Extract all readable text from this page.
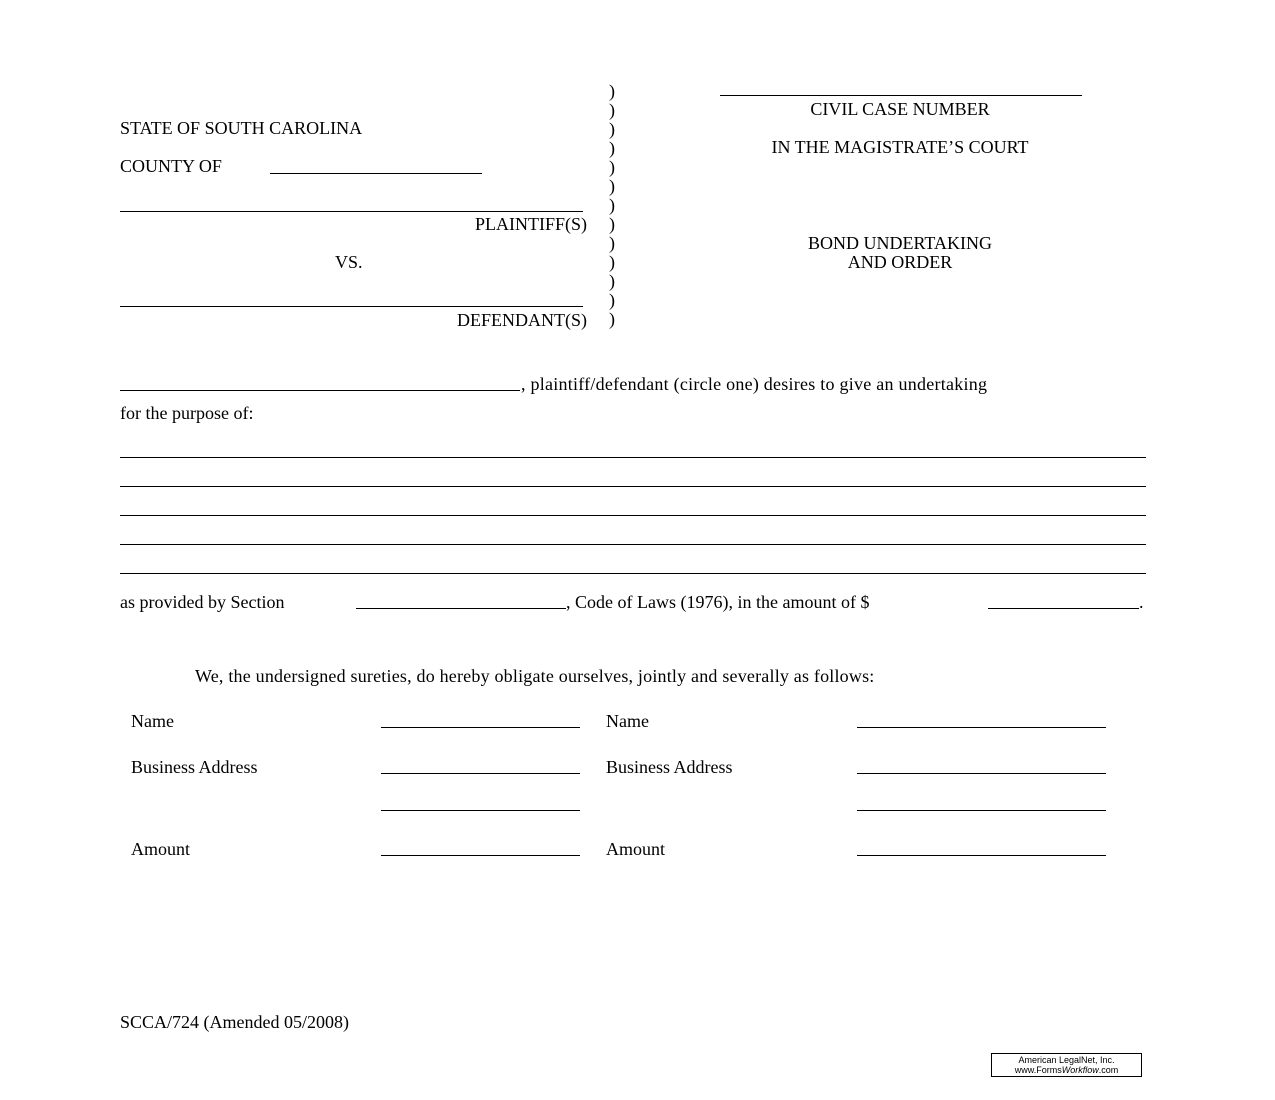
)
)
)
)
)
)
)
)
)
)
)
)
)
STATE OF SOUTH CAROLINA
COUNTY OF
PLAINTIFF(S)
VS.
DEFENDANT(S)
CIVIL CASE NUMBER
IN THE MAGISTRATE’S COURT
BOND UNDERTAKING
AND ORDER
, plaintiff/defendant (circle one) desires to give an undertaking
for the purpose of:
as provided by Section	, Code of Laws (1976), in the amount of $	.
We, the undersigned sureties, do hereby obligate ourselves, jointly and severally as follows:
Name
Business Address
Amount
Name
Business Address
Amount
SCCA/724 (Amended 05/2008)
American LegalNet, Inc.
www.FormsWorkflow.com
